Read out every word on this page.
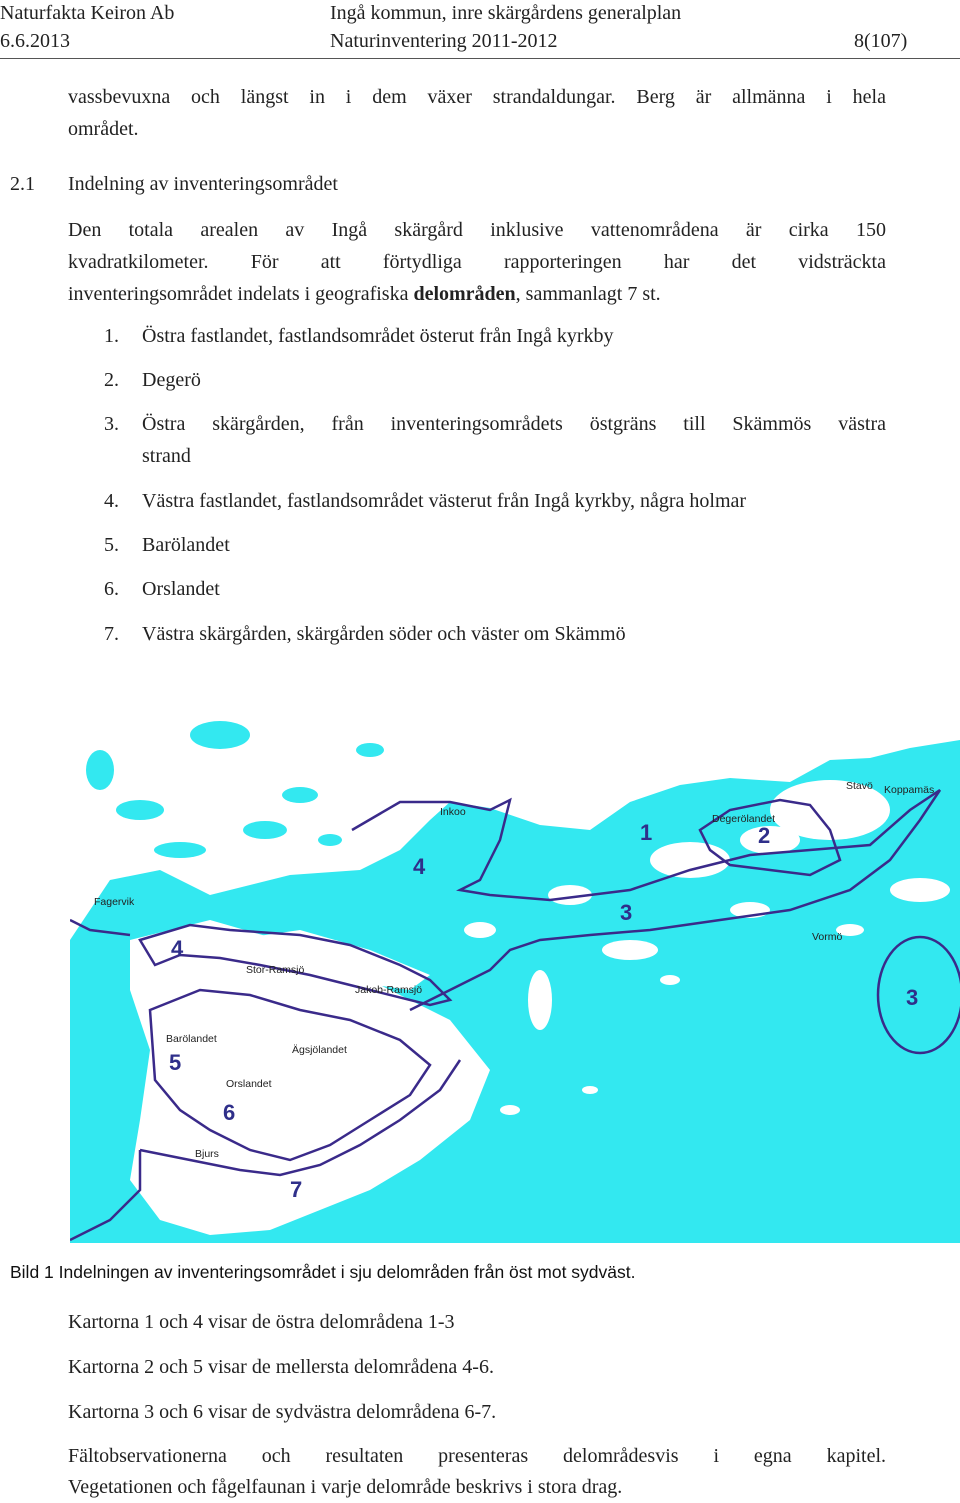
Naturfakta Keiron Ab
6.6.2013
Ingå kommun, inre skärgårdens generalplan
Naturinventering 2011-2012	8(107)
vassbevuxna och längst in i dem växer strandaldungar. Berg är allmänna i hela
området.
2.1 Indelning av inventeringsområdet
Den totala arealen av Ingå skärgård inklusive vattenområdena är cirka 150
kvadratkilometer. För att förtydliga rapporteringen har det vidsträckta
inventeringsområdet indelats i geografiska delområden, sammanlagt 7 st.
1. Östra fastlandet, fastlandsområdet österut från Ingå kyrkby
2. Degerö
3. Östra skärgården, från inventeringsområdets östgräns till Skämmös västra
strand
4. Västra fastlandet, fastlandsområdet västerut från Ingå kyrkby, några holmar
5. Barölandet
6. Orslandet
7. Västra skärgården, skärgården söder och väster om Skämmö
Inkoo
Fagervik
Stor-Ramsjö
Jakob-Ramsjö
Barölandet
Ägsjölandet
Orslandet
Bjurs
Degerölandet
Stavö Koppamäs
Vormö
1	2
3
3
4
4
5
6
7
Bild 1 Indelningen av inventeringsområdet i sju delområden från öst mot sydväst.
Kartorna 1 och 4 visar de östra delområdena 1-3
Kartorna 2 och 5 visar de mellersta delområdena 4-6.
Kartorna 3 och 6 visar de sydvästra delområdena 6-7.
Fältobservationerna och resultaten presenteras delområdesvis i egna kapitel.
Vegetationen och fågelfaunan i varje delområde beskrivs i stora drag.
